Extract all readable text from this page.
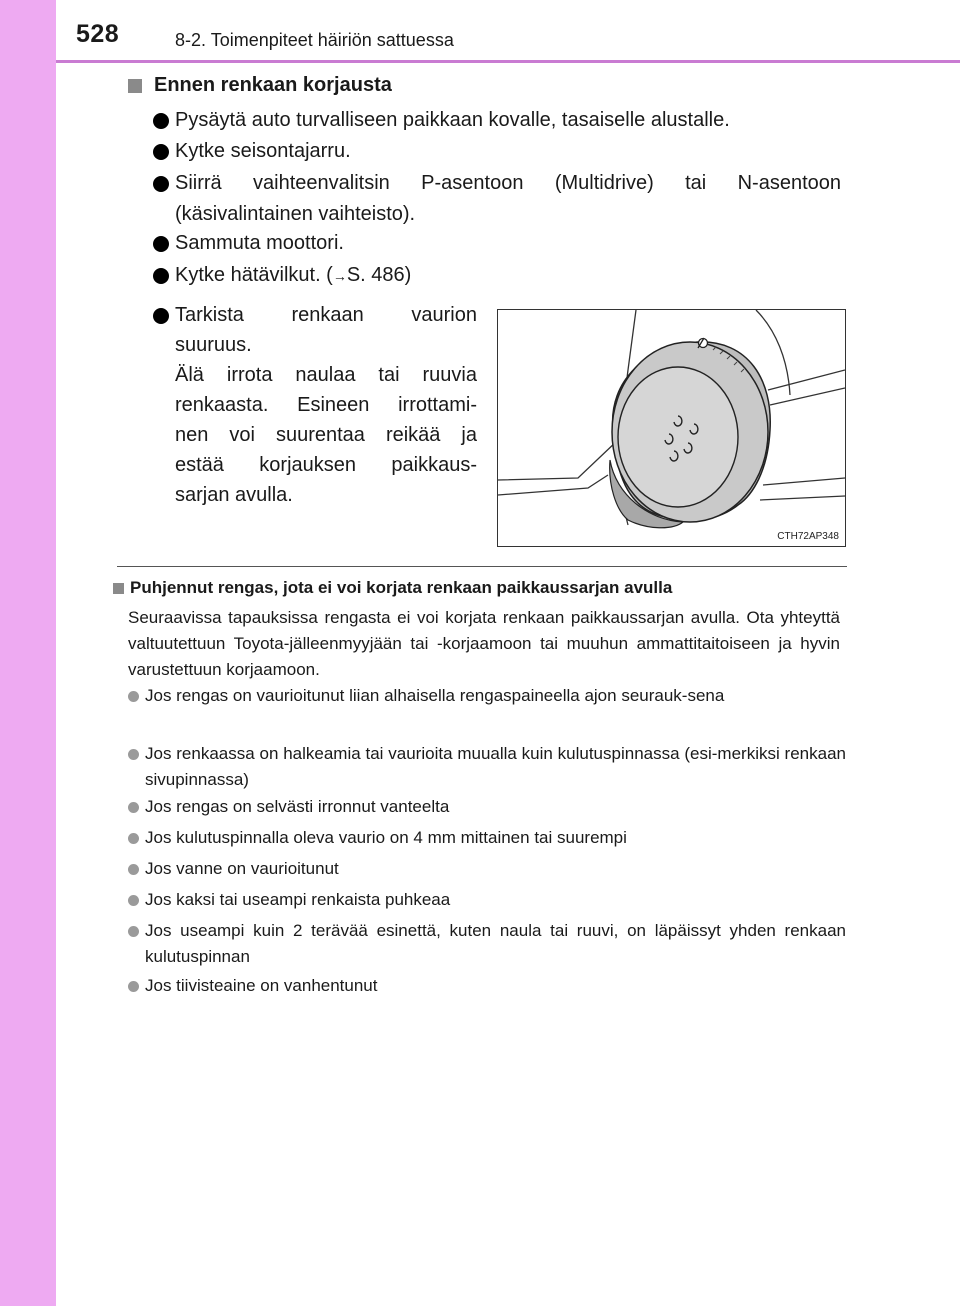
528	8-2. Toimenpiteet häiriön sattuessa
Ennen renkaan korjausta
Pysäytä auto turvalliseen paikkaan kovalle, tasaiselle alustalle.
Kytke seisontajarru.
Siirrä vaihteenvalitsin P-asentoon (Multidrive) tai N-asentoon
(käsivalintainen vaihteisto).
Sammuta moottori.
Kytke hätävilkut. (→S. 486)
Tarkista renkaan vaurion
suuruus.
Älä irrota naulaa tai ruuvia
renkaasta. Esineen irrottami-
nen voi suurentaa reikää ja
estää korjauksen paikkaus-
sarjan avulla.
CTH72AP348
Puhjennut rengas, jota ei voi korjata renkaan paikkaussarjan avulla
Seuraavissa tapauksissa rengasta ei voi korjata renkaan paikkaussarjan avulla. Ota yhteyttä valtuutettuun Toyota-jälleenmyyjään tai -korjaamoon tai muuhun ammattitaitoiseen ja hyvin varustettuun korjaamoon.
Jos rengas on vaurioitunut liian alhaisella rengaspaineella ajon seurauk-sena
Jos renkaassa on halkeamia tai vaurioita muualla kuin kulutuspinnassa (esi-merkiksi renkaan sivupinnassa)
Jos rengas on selvästi irronnut vanteelta
Jos kulutuspinnalla oleva vaurio on 4 mm mittainen tai suurempi
Jos vanne on vaurioitunut
Jos kaksi tai useampi renkaista puhkeaa
Jos useampi kuin 2 terävää esinettä, kuten naula tai ruuvi, on läpäissyt yhden renkaan kulutuspinnan
Jos tiivisteaine on vanhentunut
